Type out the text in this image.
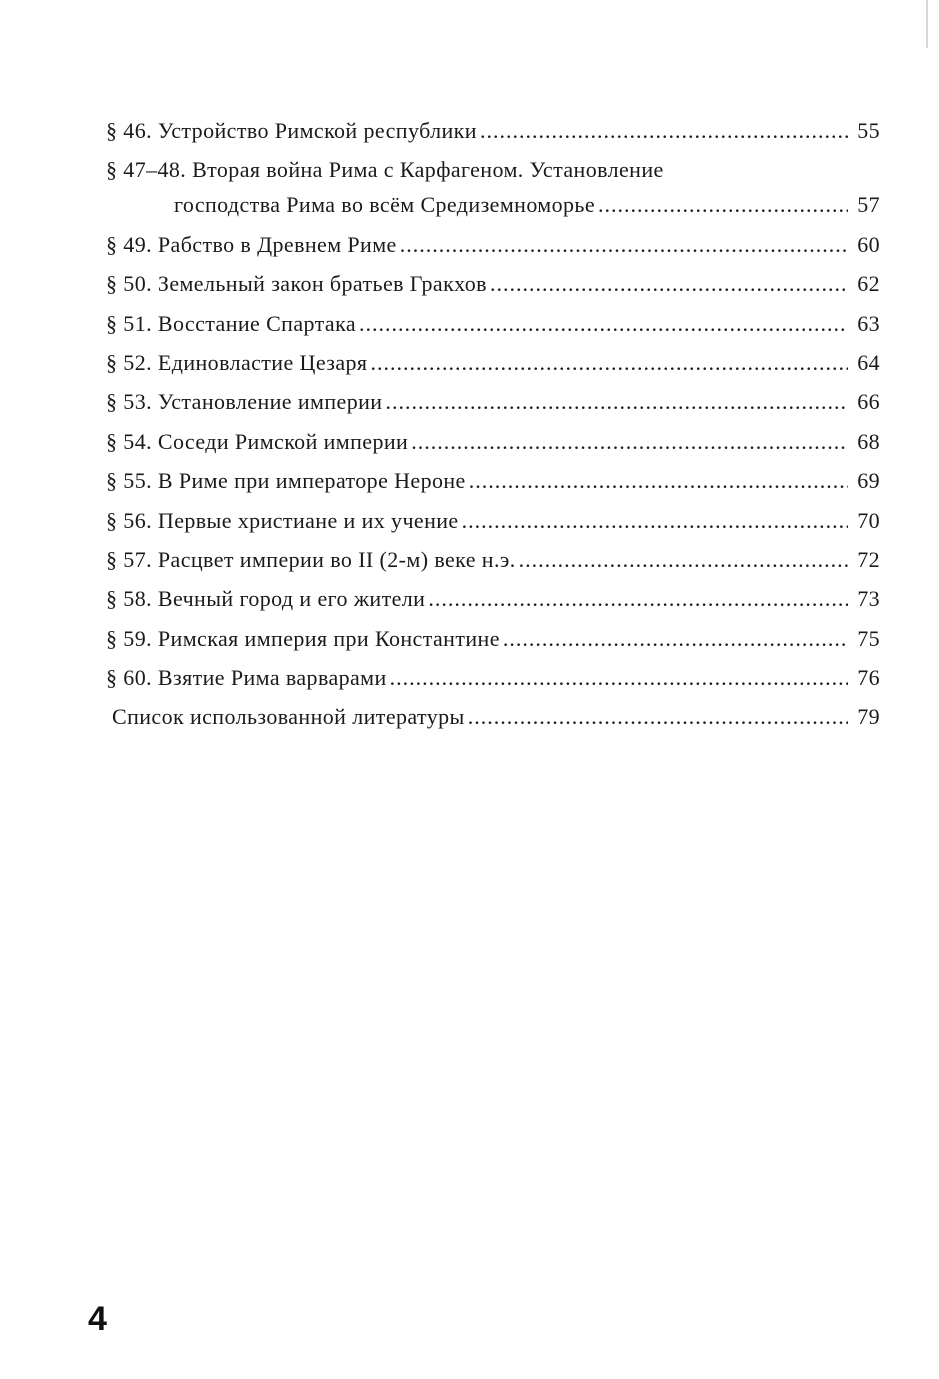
§ 46. Устройство Римской республики .....	55
§ 47–48. Вторая война Рима с Карфагеном. Установление
господства Рима во всём Средиземноморье .....	57
§ 49. Рабство в Древнем Риме .....	60
§ 50. Земельный закон братьев Гракхов .....	62
§ 51. Восстание Спартака .....	63
§ 52. Единовластие Цезаря .....	64
§ 53. Установление империи .....	66
§ 54. Соседи Римской империи .....	68
§ 55. В Риме при императоре Нероне .....	69
§ 56. Первые христиане и их учение .....	70
§ 57. Расцвет империи во II (2-м) веке н.э. .....	72
§ 58. Вечный город и его жители .....	73
§ 59. Римская империя при Константине .....	75
§ 60. Взятие Рима варварами .....	76
Список использованной литературы .....	79
4
